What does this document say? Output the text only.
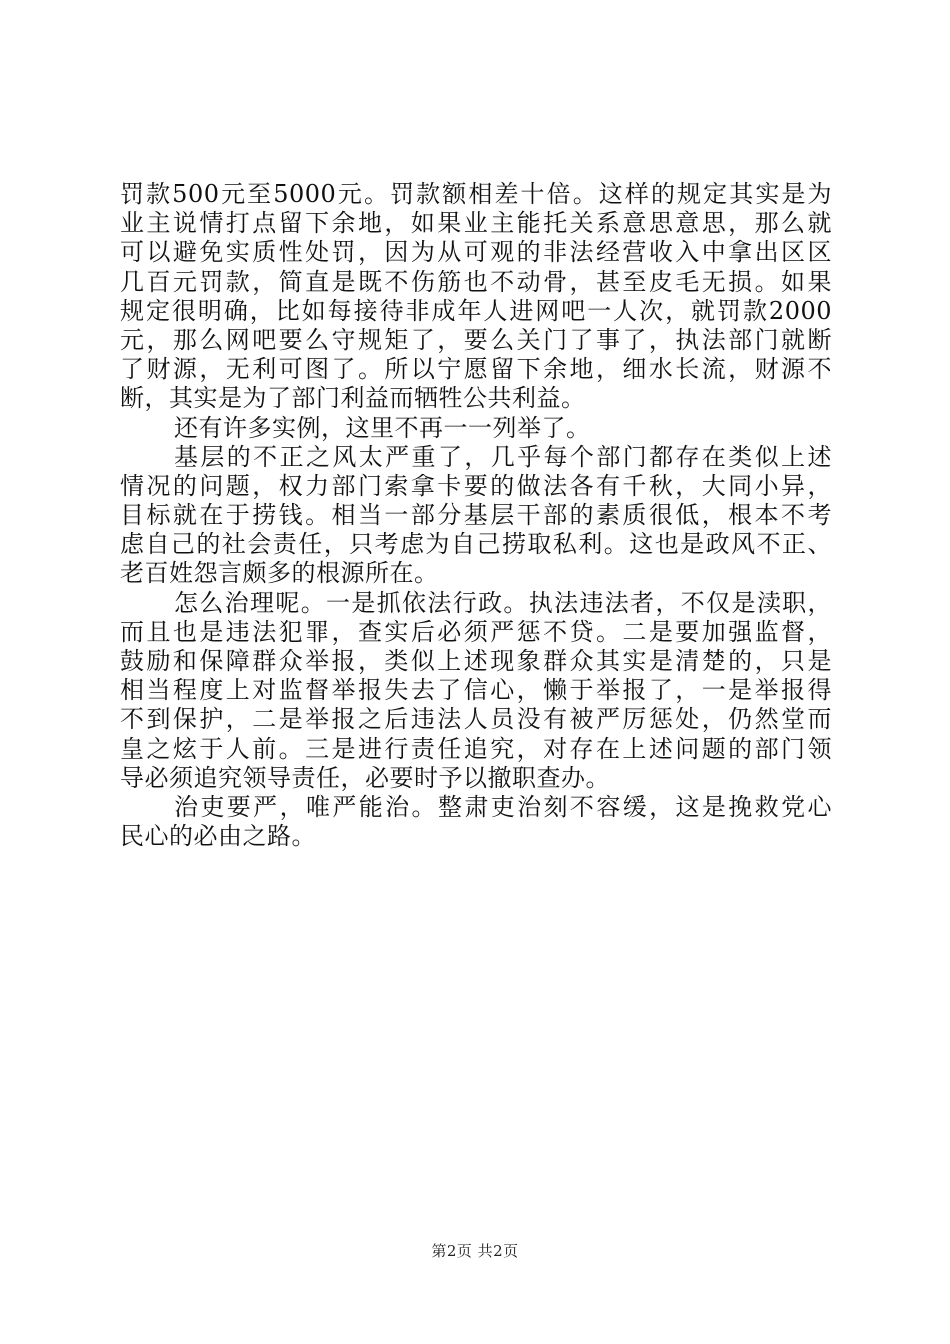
罚款500元至5000元。罚款额相差十倍。这样的规定其实是为
业主说情打点留下余地，如果业主能托关系意思意思，那么就
可以避免实质性处罚，因为从可观的非法经营收入中拿出区区
几百元罚款，简直是既不伤筋也不动骨，甚至皮毛无损。如果
规定很明确，比如每接待非成年人进网吧一人次，就罚款2000
元，那么网吧要么守规矩了，要么关门了事了，执法部门就断
了财源，无利可图了。所以宁愿留下余地，细水长流，财源不
断，其实是为了部门利益而牺牲公共利益。
还有许多实例，这里不再一一列举了。
基层的不正之风太严重了，几乎每个部门都存在类似上述
情况的问题，权力部门索拿卡要的做法各有千秋，大同小异，
目标就在于捞钱。相当一部分基层干部的素质很低，根本不考
虑自己的社会责任，只考虑为自己捞取私利。这也是政风不正、
老百姓怨言颇多的根源所在。
怎么治理呢。一是抓依法行政。执法违法者，不仅是渎职，
而且也是违法犯罪，查实后必须严惩不贷。二是要加强监督，
鼓励和保障群众举报，类似上述现象群众其实是清楚的，只是
相当程度上对监督举报失去了信心，懒于举报了，一是举报得
不到保护，二是举报之后违法人员没有被严厉惩处，仍然堂而
皇之炫于人前。三是进行责任追究，对存在上述问题的部门领
导必须追究领导责任，必要时予以撤职查办。
治吏要严，唯严能治。整肃吏治刻不容缓，这是挽救党心
民心的必由之路。
第2页 共2页
